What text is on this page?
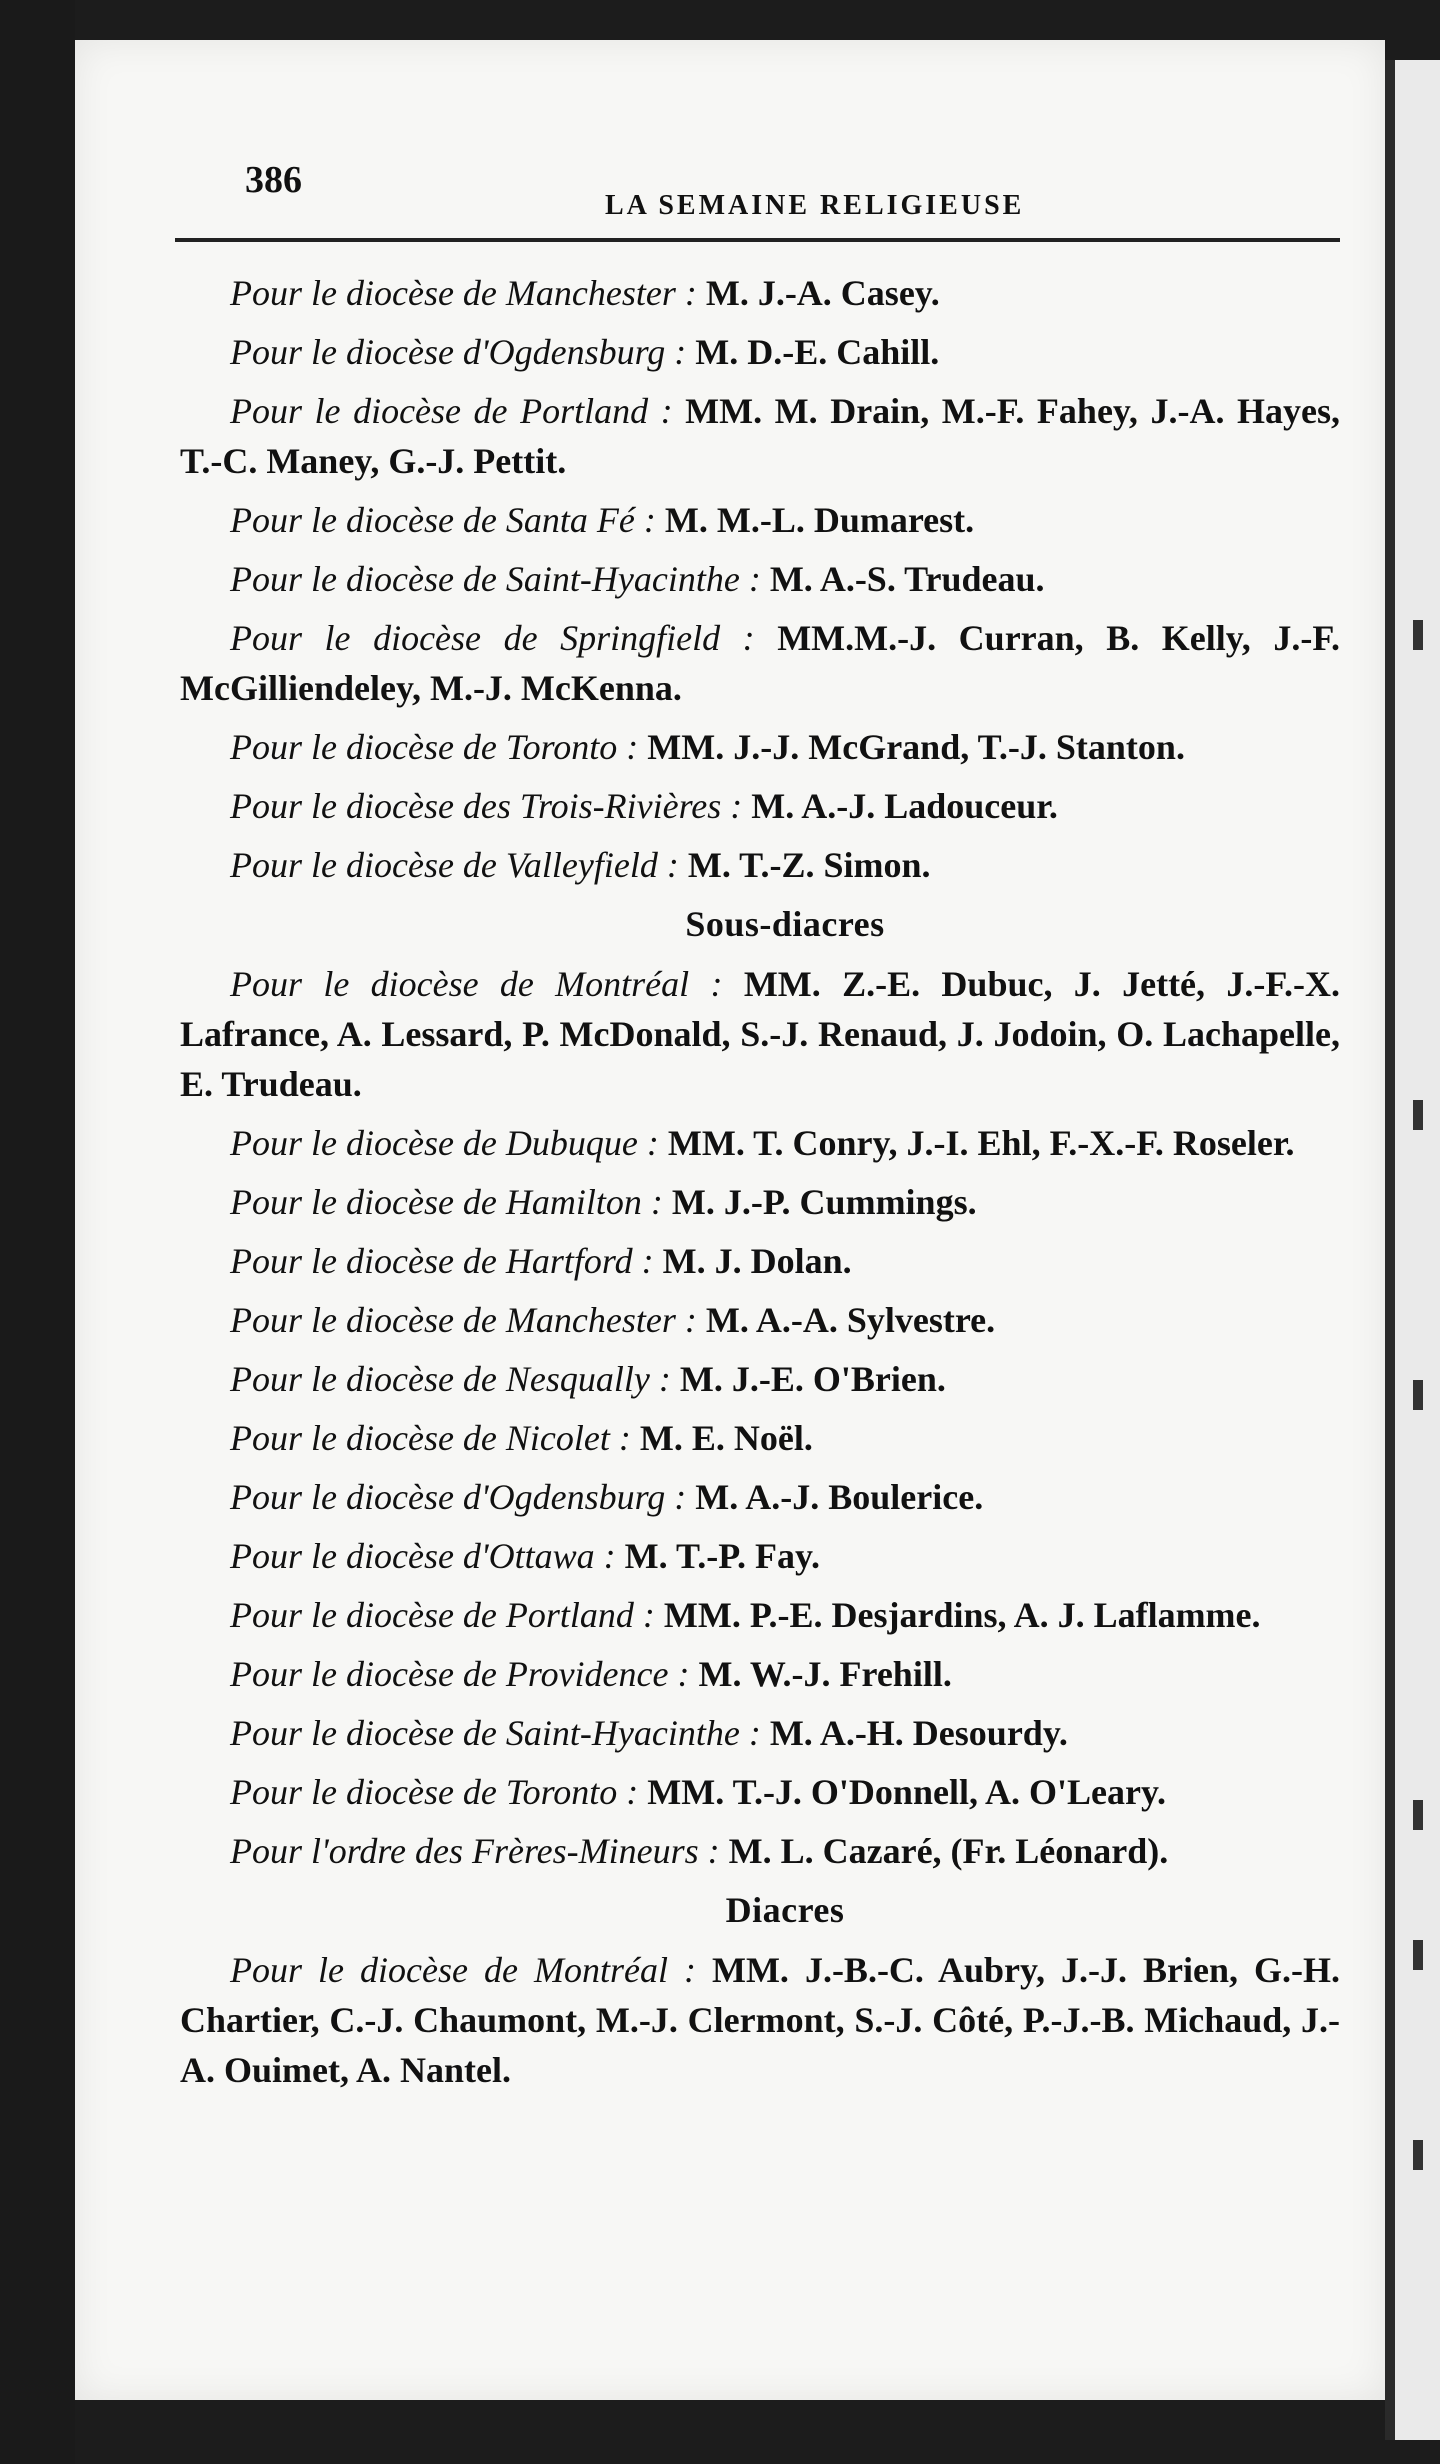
386
LA SEMAINE RELIGIEUSE
Pour le diocèse de Manchester : M. J.-A. Casey.
Pour le diocèse d'Ogdensburg : M. D.-E. Cahill.
Pour le diocèse de Portland : MM. M. Drain, M.-F. Fahey, J.-A. Hayes, T.-C. Maney, G.-J. Pettit.
Pour le diocèse de Santa Fé : M. M.-L. Dumarest.
Pour le diocèse de Saint-Hyacinthe : M. A.-S. Trudeau.
Pour le diocèse de Springfield : MM.M.-J. Curran, B. Kelly, J.-F. McGilliendeley, M.-J. McKenna.
Pour le diocèse de Toronto : MM. J.-J. McGrand, T.-J. Stanton.
Pour le diocèse des Trois-Rivières : M. A.-J. Ladouceur.
Pour le diocèse de Valleyfield : M. T.-Z. Simon.
Sous-diacres
Pour le diocèse de Montréal : MM. Z.-E. Dubuc, J. Jetté, J.-F.-X. Lafrance, A. Lessard, P. McDonald, S.-J. Renaud, J. Jodoin, O. Lachapelle, E. Trudeau.
Pour le diocèse de Dubuque : MM. T. Conry, J.-I. Ehl, F.-X.-F. Roseler.
Pour le diocèse de Hamilton : M. J.-P. Cummings.
Pour le diocèse de Hartford : M. J. Dolan.
Pour le diocèse de Manchester : M. A.-A. Sylvestre.
Pour le diocèse de Nesqually : M. J.-E. O'Brien.
Pour le diocèse de Nicolet : M. E. Noël.
Pour le diocèse d'Ogdensburg : M. A.-J. Boulerice.
Pour le diocèse d'Ottawa : M. T.-P. Fay.
Pour le diocèse de Portland : MM. P.-E. Desjardins, A. J. Laflamme.
Pour le diocèse de Providence : M. W.-J. Frehill.
Pour le diocèse de Saint-Hyacinthe : M. A.-H. Desourdy.
Pour le diocèse de Toronto : MM. T.-J. O'Donnell, A. O'Leary.
Pour l'ordre des Frères-Mineurs : M. L. Cazaré, (Fr. Léonard).
Diacres
Pour le diocèse de Montréal : MM. J.-B.-C. Aubry, J.-J. Brien, G.-H. Chartier, C.-J. Chaumont, M.-J. Clermont, S.-J. Côté, P.-J.-B. Michaud, J.-A. Ouimet, A. Nantel.
